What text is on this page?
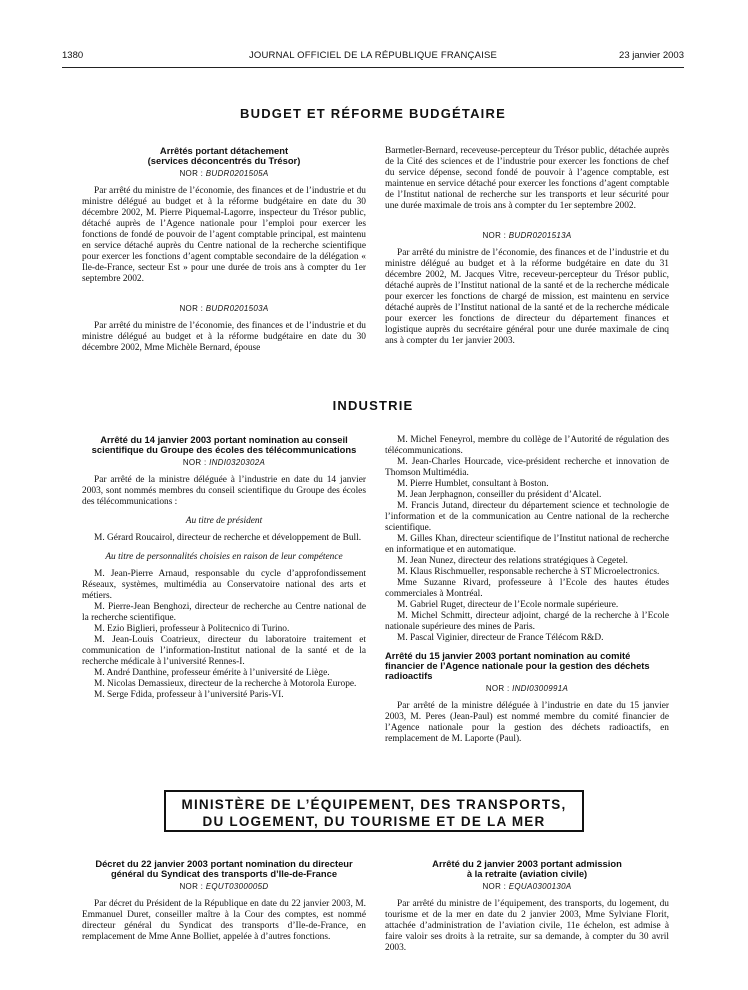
1380	JOURNAL OFFICIEL DE LA RÉPUBLIQUE FRANÇAISE	23 janvier 2003
BUDGET ET RÉFORME BUDGÉTAIRE
Arrêtés portant détachement
(services déconcentrés du Trésor)
NOR : BUDR0201505A

Par arrêté du ministre de l’économie, des finances et de l’industrie et du ministre délégué au budget et à la réforme budgétaire en date du 30 décembre 2002, M. Pierre Piquemal-Lagorre, inspecteur du Trésor public, détaché auprès de l’Agence nationale pour l’emploi pour exercer les fonctions de fondé de pouvoir de l’agent comptable principal, est maintenu en service détaché auprès du Centre national de la recherche scientifique pour exercer les fonctions d’agent comptable secondaire de la délégation « Ile-de-France, secteur Est » pour une durée de trois ans à compter du 1er septembre 2002.

NOR : BUDR0201503A

Par arrêté du ministre de l’économie, des finances et de l’industrie et du ministre délégué au budget et à la réforme budgétaire en date du 30 décembre 2002, Mme Michèle Bernard, épouse

Barmetler-Bernard, receveuse-percepteur du Trésor public, détachée auprès de la Cité des sciences et de l’industrie pour exercer les fonctions de chef du service dépense, second fondé de pouvoir à l’agence comptable, est maintenue en service détaché pour exercer les fonctions d’agent comptable de l’Institut national de recherche sur les transports et leur sécurité pour une durée maximale de trois ans à compter du 1er septembre 2002.

NOR : BUDR0201513A

Par arrêté du ministre de l’économie, des finances et de l’industrie et du ministre délégué au budget et à la réforme budgétaire en date du 31 décembre 2002, M. Jacques Vitre, receveur-percepteur du Trésor public, détaché auprès de l’Institut national de la santé et de la recherche médicale pour exercer les fonctions de chargé de mission, est maintenu en service détaché auprès de l’Institut national de la santé et de la recherche médicale pour exercer les fonctions de directeur du département finances et logistique auprès du secrétaire général pour une durée maximale de cinq ans à compter du 1er janvier 2003.

INDUSTRIE
Arrêté du 14 janvier 2003 portant nomination au conseil scientifique du Groupe des écoles des télécommunications
NOR : INDI0320302A

Par arrêté de la ministre déléguée à l’industrie en date du 14 janvier 2003, sont nommés membres du conseil scientifique du Groupe des écoles des télécommunications :

Au titre de président

M. Gérard Roucairol, directeur de recherche et développement de Bull.

Au titre de personnalités choisies en raison de leur compétence

M. Jean-Pierre Arnaud, responsable du cycle d’approfondissement Réseaux, systèmes, multimédia au Conservatoire national des arts et métiers.

M. Pierre-Jean Benghozi, directeur de recherche au Centre national de la recherche scientifique.

M. Ezio Biglieri, professeur à Politecnico di Turino.

M. Jean-Louis Coatrieux, directeur du laboratoire traitement et communication de l’information-Institut national de la santé et de la recherche médicale à l’université Rennes-I.

M. André Danthine, professeur émérite à l’université de Liège.

M. Nicolas Demassieux, directeur de la recherche à Motorola Europe.

M. Serge Fdida, professeur à l’université Paris-VI.

M. Michel Feneyrol, membre du collège de l’Autorité de régulation des télécommunications.

M. Jean-Charles Hourcade, vice-président recherche et innovation de Thomson Multimédia.

M. Pierre Humblet, consultant à Boston.

M. Jean Jerphagnon, conseiller du président d’Alcatel.

M. Francis Jutand, directeur du département science et technologie de l’information et de la communication au Centre national de la recherche scientifique.

M. Gilles Khan, directeur scientifique de l’Institut national de recherche en informatique et en automatique.

M. Jean Nunez, directeur des relations stratégiques à Cegetel.

M. Klaus Rischmueller, responsable recherche à ST Microelectronics.

Mme Suzanne Rivard, professeure à l’Ecole des hautes études commerciales à Montréal.

M. Gabriel Ruget, directeur de l’Ecole normale supérieure.

M. Michel Schmitt, directeur adjoint, chargé de la recherche à l’Ecole nationale supérieure des mines de Paris.

M. Pascal Viginier, directeur de France Télécom R&D.

Arrêté du 15 janvier 2003 portant nomination au comité financier de l’Agence nationale pour la gestion des déchets radioactifs
NOR : INDI0300991A

Par arrêté de la ministre déléguée à l’industrie en date du 15 janvier 2003, M. Peres (Jean-Paul) est nommé membre du comité financier de l’Agence nationale pour la gestion des déchets radioactifs, en remplacement de M. Laporte (Paul).

MINISTÈRE DE L’ÉQUIPEMENT, DES TRANSPORTS,
DU LOGEMENT, DU TOURISME ET DE LA MER
Décret du 22 janvier 2003 portant nomination du directeur général du Syndicat des transports d’Ile-de-France
NOR : EQUT0300005D

Par décret du Président de la République en date du 22 janvier 2003, M. Emmanuel Duret, conseiller maître à la Cour des comptes, est nommé directeur général du Syndicat des transports d’Ile-de-France, en remplacement de Mme Anne Bolliet, appelée à d’autres fonctions.

Arrêté du 2 janvier 2003 portant admission
à la retraite (aviation civile)
NOR : EQUA0300130A

Par arrêté du ministre de l’équipement, des transports, du logement, du tourisme et de la mer en date du 2 janvier 2003, Mme Sylviane Florit, attachée d’administration de l’aviation civile, 11e échelon, est admise à faire valoir ses droits à la retraite, sur sa demande, à compter du 30 avril 2003.
